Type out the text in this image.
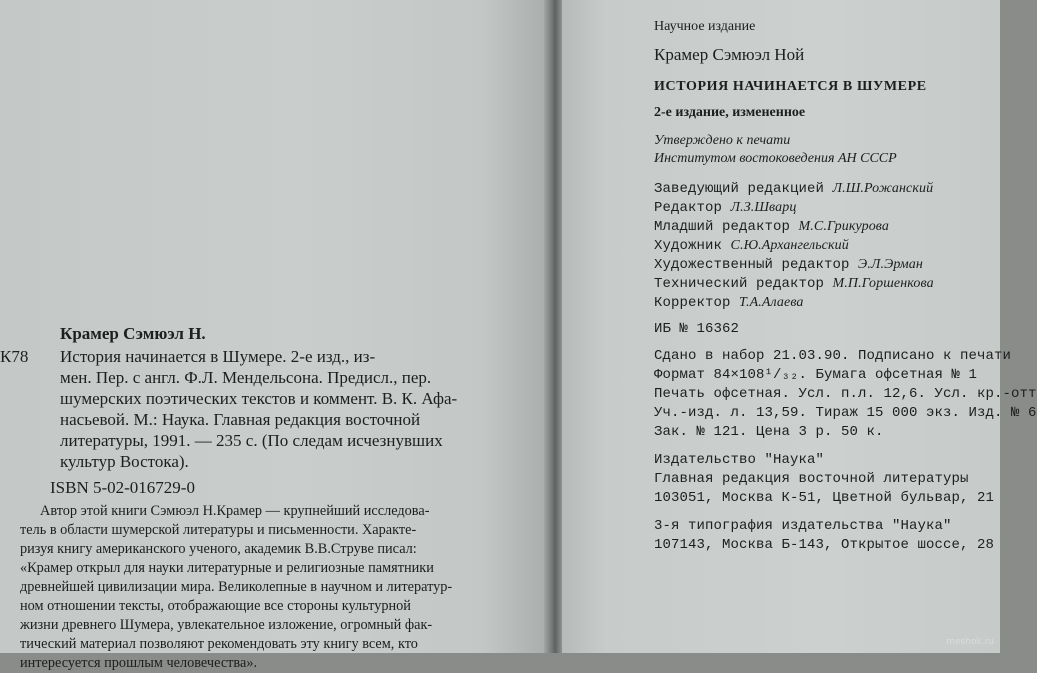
Крамер Сэмюэл Н.
К78 История начинается в Шумере. 2-е изд., из-
мен. Пер. с англ. Ф.Л. Мендельсона. Предисл., пер.
шумерских поэтических текстов и коммент. В. К. Афа-
насьевой. М.: Наука. Главная редакция восточной
литературы, 1991. — 235 с. (По следам исчезнувших
культур Востока).
ISBN 5-02-016729-0
Автор этой книги Сэмюэл Н.Крамер — крупнейший исследова-
тель в области шумерской литературы и письменности. Характе-
ризуя книгу американского ученого, академик В.В.Струве писал:
«Крамер открыл для науки литературные и религиозные памятники
древнейшей цивилизации мира. Великолепные в научном и литератур-
ном отношении тексты, отображающие все стороны культурной
жизни древнего Шумера, увлекательное изложение, огромный фак-
тический материал позволяют рекомендовать эту книгу всем, кто
интересуется прошлым человечества».
Научное издание
Крамер Сэмюэл Ной
ИСТОРИЯ НАЧИНАЕТСЯ В ШУМЕРЕ
2-е издание, измененное
Утверждено к печати
Институтом востоковедения АН СССР
Заведующий редакцией Л.Ш.Рожанский
Редактор Л.З.Шварц
Младший редактор М.С.Грикурова
Художник С.Ю.Архангельский
Художественный редактор Э.Л.Эрман
Технический редактор М.П.Горшенкова
Корректор Т.А.Алаева
ИБ № 16362
Сдано в набор 21.03.90. Подписано к печати
Формат 84×108¹/₃₂. Бумага офсетная № 1
Печать офсетная. Усл. п.л. 12,6. Усл. кр.-отт
Уч.-изд. л. 13,59. Тираж 15 000 экз. Изд. № 6
Зак. № 121. Цена 3 р. 50 к.
Издательство "Наука"
Главная редакция восточной литературы
103051, Москва К-51, Цветной бульвар, 21
3-я типография издательства "Наука"
107143, Москва Б-143, Открытое шоссе, 28
meshok.ru
